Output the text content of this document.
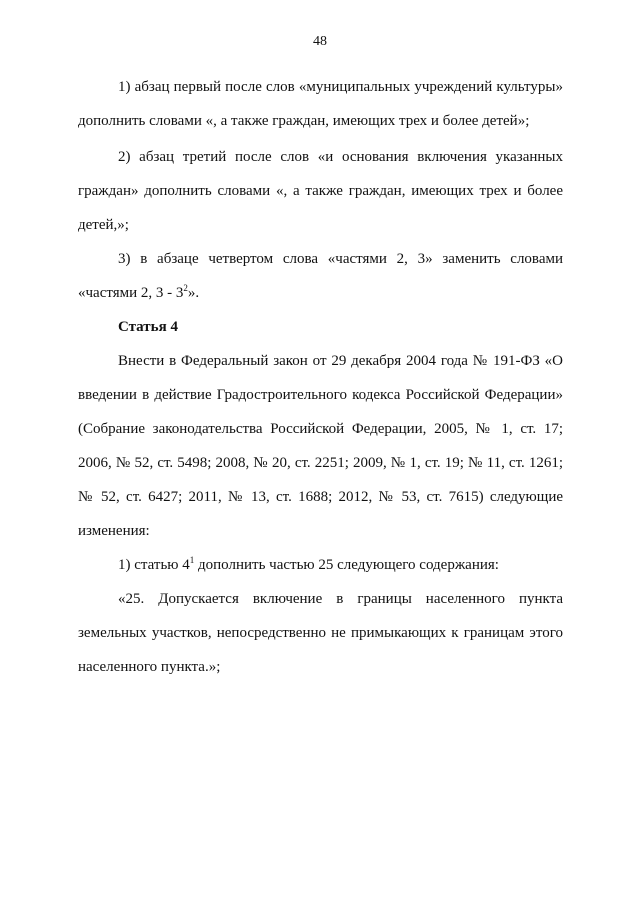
48

1) абзац первый после слов «муниципальных учреждений культуры» дополнить словами «, а также граждан, имеющих трех и более детей»;

2) абзац третий после слов «и основания включения указанных граждан» дополнить словами «, а также граждан, имеющих трех и более детей,»;

3) в абзаце четвертом слова «частями 2, 3» заменить словами «частями 2, $3 - 3^2$».

Статья 4

Внести в Федеральный закон от 29 декабря 2004 года № 191-ФЗ «О введении в действие Градостроительного кодекса Российской Федерации» (Собрание законодательства Российской Федерации, 2005, № 1, ст. 17; 2006, № 52, ст. 5498; 2008, № 20, ст. 2251; 2009, № 1, ст. 19; № 11, ст. 1261; № 52, ст. 6427; 2011, № 13, ст. 1688; 2012, № 53, ст. 7615) следующие изменения:

1) статью $4^1$ дополнить частью 25 следующего содержания:

«25. Допускается включение в границы населенного пункта земельных участков, непосредственно не примыкающих к границам этого населенного пункта.»;
